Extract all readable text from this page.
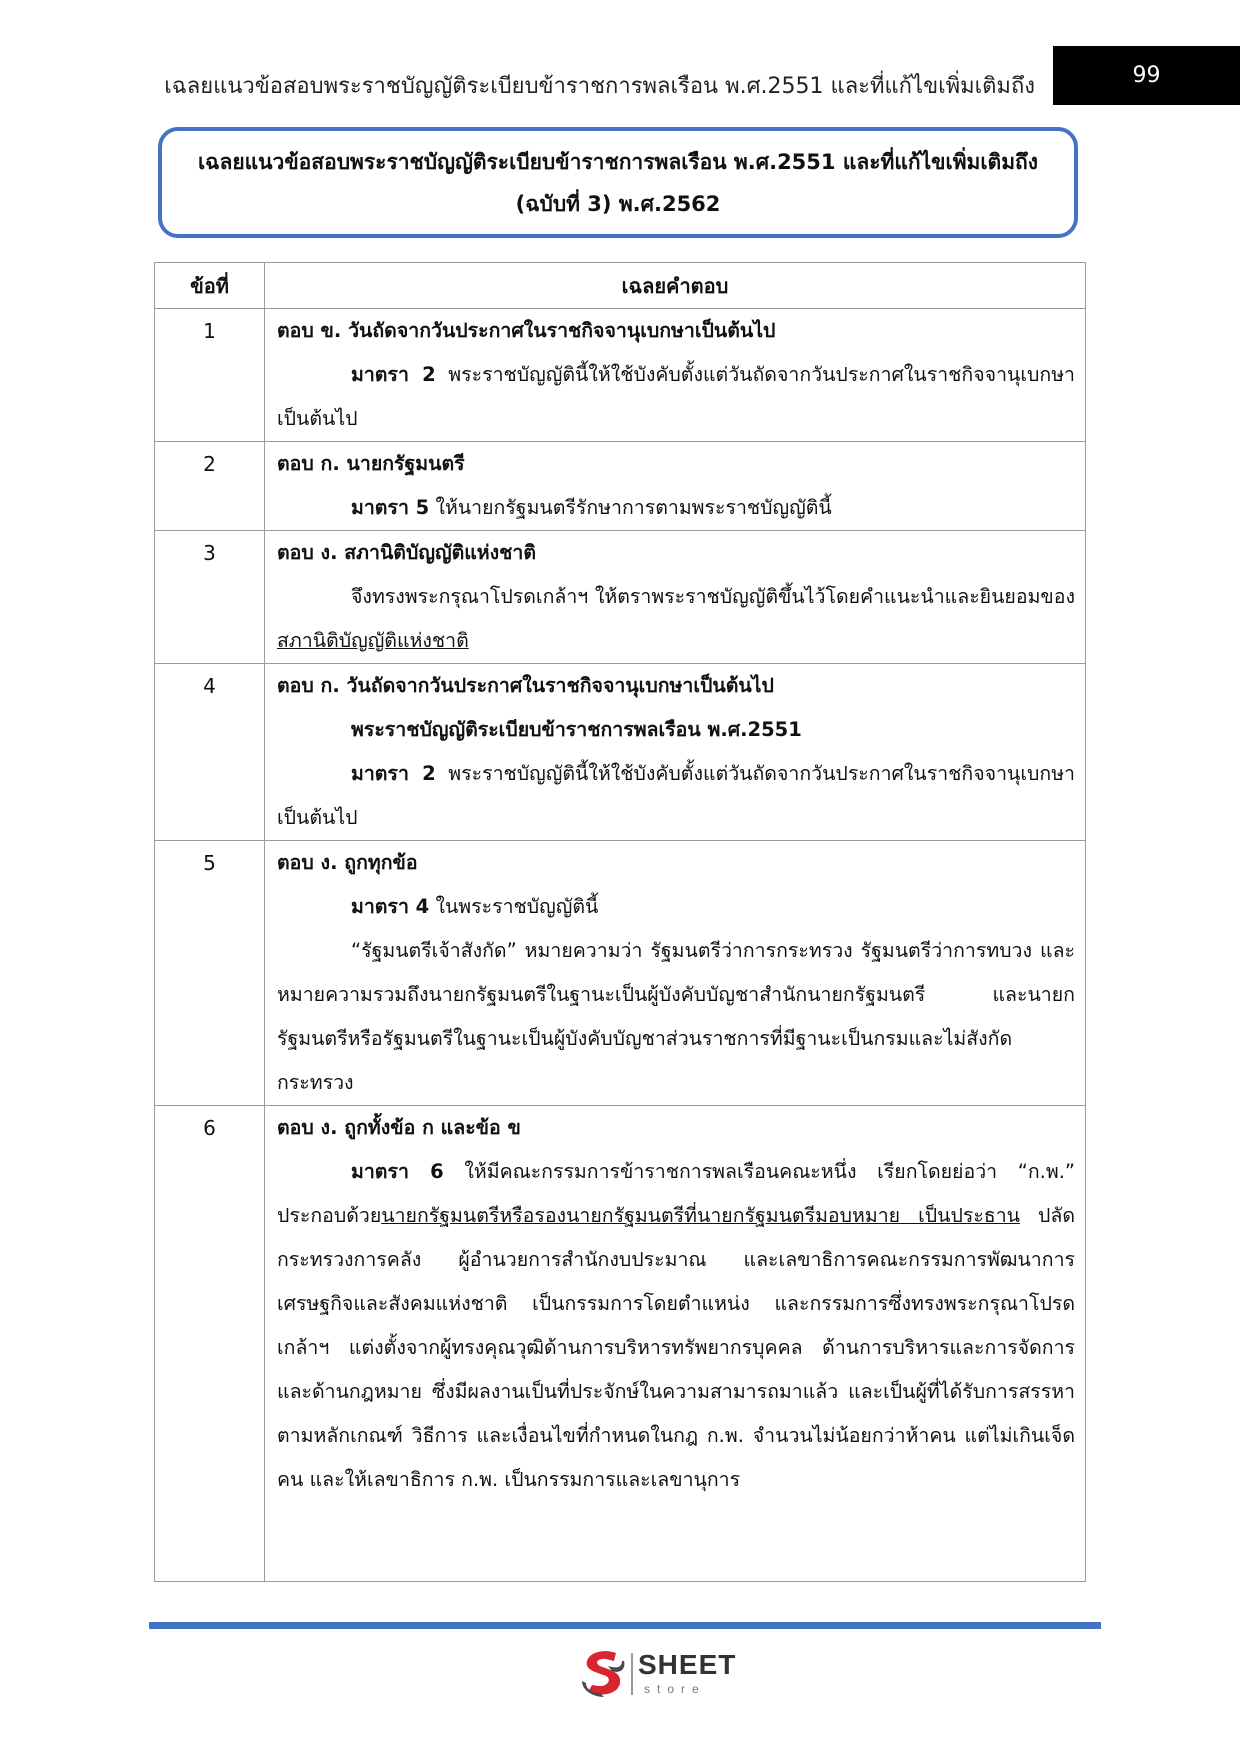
เฉลยแนวข้อสอบพระราชบัญญัติระเบียบข้าราชการพลเรือน พ.ศ.2551 และที่แก้ไขเพิ่มเติมถึง	99
เฉลยแนวข้อสอบพระราชบัญญัติระเบียบข้าราชการพลเรือน พ.ศ.2551 และที่แก้ไขเพิ่มเติมถึง
(ฉบับที่ 3) พ.ศ.2562
ข้อที่	เฉลยคำตอบ
1	ตอบ ข. วันถัดจากวันประกาศในราชกิจจานุเบกษาเป็นต้นไป
มาตรา 2 พระราชบัญญัตินี้ให้ใช้บังคับตั้งแต่วันถัดจากวันประกาศในราชกิจจานุเบกษาเป็นต้นไป

2	ตอบ ก. นายกรัฐมนตรี
มาตรา 5 ให้นายกรัฐมนตรีรักษาการตามพระราชบัญญัตินี้

3	ตอบ ง. สภานิติบัญญัติแห่งชาติ
จึงทรงพระกรุณาโปรดเกล้าฯ ให้ตราพระราชบัญญัติขึ้นไว้โดยคำแนะนำและยินยอมของสภานิติบัญญัติแห่งชาติ

4	ตอบ ก. วันถัดจากวันประกาศในราชกิจจานุเบกษาเป็นต้นไป
พระราชบัญญัติระเบียบข้าราชการพลเรือน พ.ศ.2551
มาตรา 2 พระราชบัญญัตินี้ให้ใช้บังคับตั้งแต่วันถัดจากวันประกาศในราชกิจจานุเบกษาเป็นต้นไป

5	ตอบ ง. ถูกทุกข้อ
มาตรา 4 ในพระราชบัญญัตินี้
“รัฐมนตรีเจ้าสังกัด” หมายความว่า รัฐมนตรีว่าการกระทรวง รัฐมนตรีว่าการทบวง และหมายความรวมถึงนายกรัฐมนตรีในฐานะเป็นผู้บังคับบัญชาสำนักนายกรัฐมนตรี และนายกรัฐมนตรีหรือรัฐมนตรีในฐานะเป็นผู้บังคับบัญชาส่วนราชการที่มีฐานะเป็นกรมและไม่สังกัดกระทรวง

6	ตอบ ง. ถูกทั้งข้อ ก และข้อ ข
มาตรา 6 ให้มีคณะกรรมการข้าราชการพลเรือนคณะหนึ่ง เรียกโดยย่อว่า “ก.พ.” ประกอบด้วยนายกรัฐมนตรีหรือรองนายกรัฐมนตรีที่นายกรัฐมนตรีมอบหมาย เป็นประธาน ปลัดกระทรวงการคลัง ผู้อำนวยการสำนักงบประมาณ และเลขาธิการคณะกรรมการพัฒนาการเศรษฐกิจและสังคมแห่งชาติ เป็นกรรมการโดยตำแหน่ง และกรรมการซึ่งทรงพระกรุณาโปรดเกล้าฯ แต่งตั้งจากผู้ทรงคุณวุฒิด้านการบริหารทรัพยากรบุคคล ด้านการบริหารและการจัดการ และด้านกฎหมาย ซึ่งมีผลงานเป็นที่ประจักษ์ในความสามารถมาแล้ว และเป็นผู้ที่ได้รับการสรรหาตามหลักเกณฑ์ วิธีการ และเงื่อนไขที่กำหนดในกฎ ก.พ. จำนวนไม่น้อยกว่าห้าคน แต่ไม่เกินเจ็ดคน และให้เลขาธิการ ก.พ. เป็นกรรมการและเลขานุการ
SHEET
store
